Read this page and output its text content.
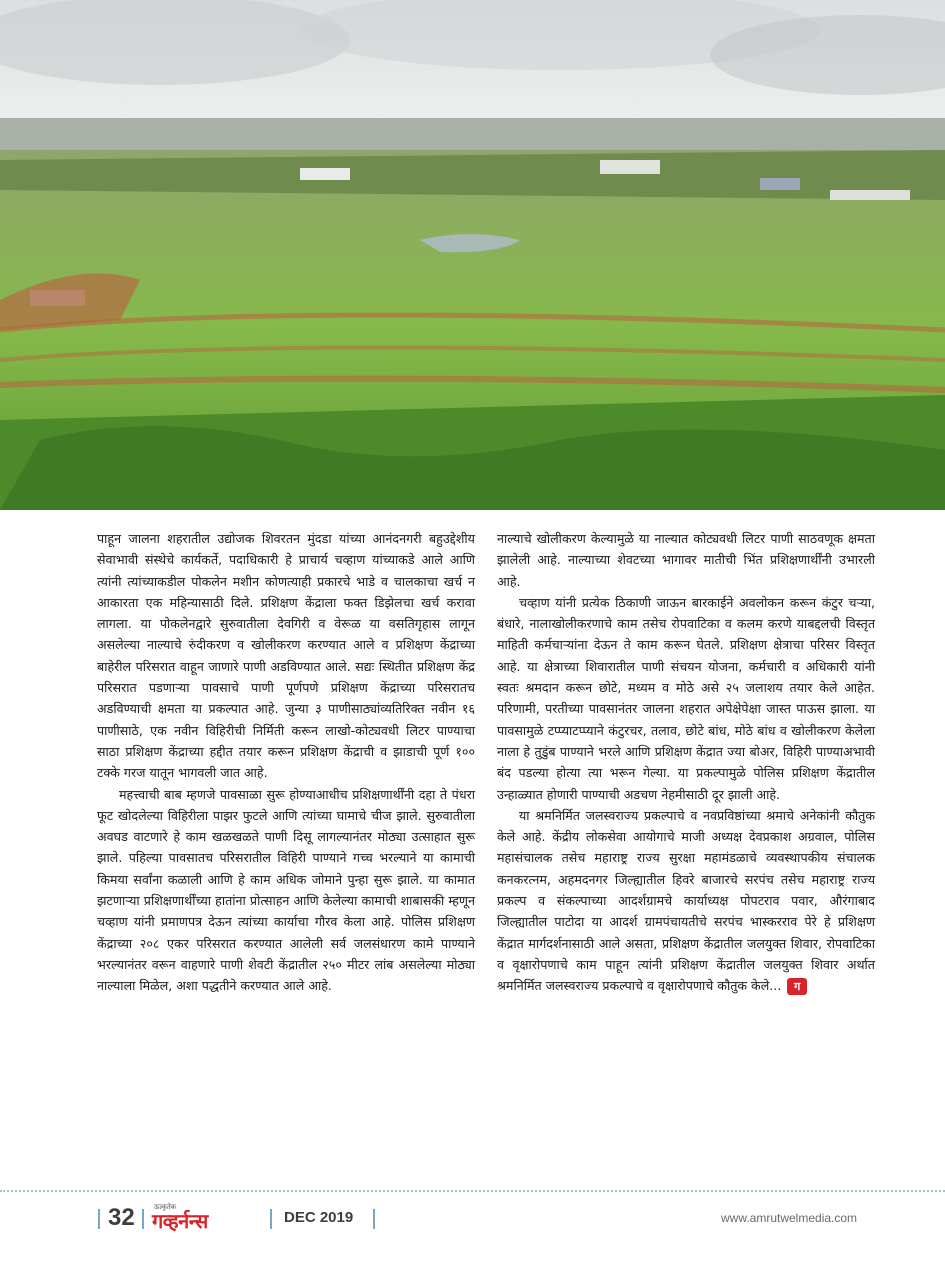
पाहून जालना शहरातील उद्योजक शिवरतन मुंदडा यांच्या आनंदनगरी बहुउद्देशीय सेवाभावी संस्थेचे कार्यकर्ते, पदाधिकारी हे प्राचार्य चव्हाण यांच्याकडे आले आणि त्यांनी त्यांच्याकडील पोकलेन मशीन कोणत्याही प्रकारचे भाडे व चालकाचा खर्च न आकारता एक महिन्यासाठी दिले. प्रशिक्षण केंद्राला फक्त डिझेलचा खर्च करावा लागला. या पोकलेनद्वारे सुरुवातीला देवगिरी व वेरूळ या वसतिगृहास लागून असलेल्या नाल्याचे रुंदीकरण व खोलीकरण करण्यात आले व प्रशिक्षण केंद्राच्या बाहेरील परिसरात वाहून जाणारे पाणी अडविण्यात आले. सद्यः स्थितीत प्रशिक्षण केंद्र परिसरात पडणाऱ्या पावसाचे पाणी पूर्णपणे प्रशिक्षण केंद्राच्या परिसरातच अडविण्याची क्षमता या प्रकल्पात आहे. जुन्या ३ पाणीसाठ्यांव्यतिरिक्त नवीन १६ पाणीसाठे, एक नवीन विहिरीची निर्मिती करून लाखो-कोट्यवधी लिटर पाण्याचा साठा प्रशिक्षण केंद्राच्या हद्दीत तयार करून प्रशिक्षण केंद्राची व झाडाची पूर्ण १०० टक्के गरज यातून भागवली जात आहे.

महत्त्वाची बाब म्हणजे पावसाळा सुरू होण्याआधीच प्रशिक्षणार्थींनी दहा ते पंधरा फूट खोदलेल्या विहिरीला पाझर फुटले आणि त्यांच्या घामाचे चीज झाले. सुरुवातीला अवघड वाटणारे हे काम खळखळते पाणी दिसू लागल्यानंतर मोठ्या उत्साहात सुरू झाले. पहिल्या पावसातच परिसरातील विहिरी पाण्याने गच्च भरल्याने या कामाची किमया सर्वांना कळाली आणि हे काम अधिक जोमाने पुन्हा सुरू झाले. या कामात झटणाऱ्या प्रशिक्षणार्थींच्या हातांना प्रोत्साहन आणि केलेल्या कामाची शाबासकी म्हणून चव्हाण यांनी प्रमाणपत्र देऊन त्यांच्या कार्याचा गौरव केला आहे. पोलिस प्रशिक्षण केंद्राच्या २०८ एकर परिसरात करण्यात आलेली सर्व जलसंधारण कामे पाण्याने भरल्यानंतर वरून वाहणारे पाणी शेवटी केंद्रातील २५० मीटर लांब असलेल्या मोठ्या नाल्याला मिळेल, अशा पद्धतीने करण्यात आले आहे.

नाल्याचे खोलीकरण केल्यामुळे या नाल्यात कोट्यवधी लिटर पाणी साठवणूक क्षमता झालेली आहे. नाल्याच्या शेवटच्या भागावर मातीची भिंत प्रशिक्षणार्थींनी उभारली आहे.

चव्हाण यांनी प्रत्येक ठिकाणी जाऊन बारकाईने अवलोकन करून कंटुर चऱ्या, बंधारे, नालाखोलीकरणाचे काम तसेच रोपवाटिका व कलम करणे याबद्दलची विस्तृत माहिती कर्मचाऱ्यांना देऊन ते काम करून घेतले. प्रशिक्षण क्षेत्राचा परिसर विस्तृत आहे. या क्षेत्राच्या शिवारातील पाणी संचयन योजना, कर्मचारी व अधिकारी यांनी स्वतः श्रमदान करून छोटे, मध्यम व मोठे असे २५ जलाशय तयार केले आहेत. परिणामी, परतीच्या पावसानंतर जालना शहरात अपेक्षेपेक्षा जास्त पाऊस झाला. या पावसामुळे टप्प्याटप्प्याने कंटुरचर, तलाव, छोटे बांध, मोठे बांध व खोलीकरण केलेला नाला हे तुडुंब पाण्याने भरले आणि प्रशिक्षण केंद्रात ज्या बोअर, विहिरी पाण्याअभावी बंद पडल्या होत्या त्या भरून गेल्या. या प्रकल्पामुळे पोलिस प्रशिक्षण केंद्रातील उन्हाळ्यात होणारी पाण्याची अडचण नेहमीसाठी दूर झाली आहे.

या श्रमनिर्मित जलस्वराज्य प्रकल्पाचे व नवप्रविष्ठांच्या श्रमाचे अनेकांनी कौतुक केले आहे. केंद्रीय लोकसेवा आयोगाचे माजी अध्यक्ष देवप्रकाश अग्रवाल, पोलिस महासंचालक तसेच महाराष्ट्र राज्य सुरक्षा महामंडळाचे व्यवस्थापकीय संचालक कनकरत्नम, अहमदनगर जिल्ह्यातील हिवरे बाजारचे सरपंच तसेच महाराष्ट्र राज्य प्रकल्प व संकल्पाच्या आदर्शग्रामचे कार्याध्यक्ष पोपटराव पवार, औरंगाबाद जिल्ह्यातील पाटोदा या आदर्श ग्रामपंचायतीचे सरपंच भास्करराव पेरे हे प्रशिक्षण केंद्रात मार्गदर्शनासाठी आले असता, प्रशिक्षण केंद्रातील जलयुक्त शिवार, रोपवाटिका व वृक्षारोपणाचे काम पाहून त्यांनी प्रशिक्षण केंद्रातील जलयुक्त शिवार अर्थात श्रमनिर्मित जलस्वराज्य प्रकल्पाचे व वृक्षारोपणाचे कौतुक केले... ग

32	ऊत्कृतेक
गव्हर्नन्स	DEC 2019	www.amrutwelmedia.com
